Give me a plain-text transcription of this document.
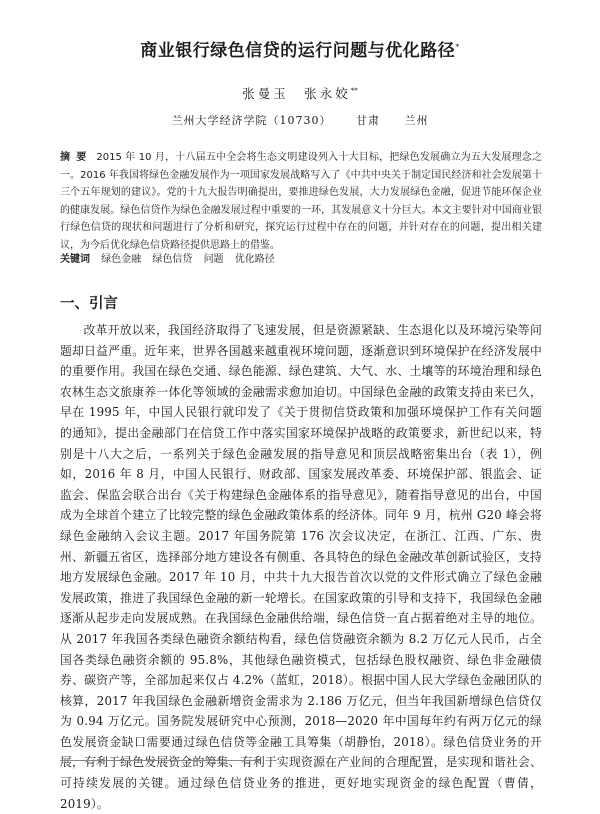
商业银行绿色信贷的运行问题与优化路径*
张曼玉　张永姣**
兰州大学经济学院（10730） 甘肃 兰州
摘要 2015 年 10 月，十八届五中全会将生态文明建设列入十大目标，把绿色发展确立为五大发展理念之一。2016 年我国将绿色金融发展作为一项国家发展战略写入了《中共中央关于制定国民经济和社会发展第十三个五年规划的建议》。党的十九大报告明确提出，要推进绿色发展，大力发展绿色金融，促进节能环保企业的健康发展。绿色信贷作为绿色金融发展过程中重要的一环，其发展意义十分巨大。本文主要针对中国商业银行绿色信贷的现状和问题进行了分析和研究，探究运行过程中存在的问题，并针对存在的问题，提出相关建议，为今后优化绿色信贷路径提供思路上的借鉴。
关键词 绿色金融 绿色信贷 问题 优化路径
一、引言
改革开放以来，我国经济取得了飞速发展，但是资源紧缺、生态退化以及环境污染等问题却日益严重。近年来，世界各国越来越重视环境问题，逐渐意识到环境保护在经济发展中的重要作用。我国在绿色交通、绿色能源、绿色建筑、大气、水、土壤等的环境治理和绿色农林生态文旅康养一体化等领域的金融需求愈加迫切。中国绿色金融的政策支持由来已久，早在 1995 年，中国人民银行就印发了《关于贯彻信贷政策和加强环境保护工作有关问题的通知》，提出金融部门在信贷工作中落实国家环境保护战略的政策要求，新世纪以来，特别是十八大之后，一系列关于绿色金融发展的指导意见和顶层战略密集出台（表 1），例如，2016 年 8 月，中国人民银行、财政部、国家发展改革委、环境保护部、银监会、证监会、保监会联合出台《关于构建绿色金融体系的指导意见》，随着指导意见的出台，中国成为全球首个建立了比较完整的绿色金融政策体系的经济体。同年 9 月，杭州 G20 峰会将绿色金融纳入会议主题。2017 年国务院第 176 次会议决定，在浙江、江西、广东、贵州、新疆五省区，选择部分地方建设各有侧重、各具特色的绿色金融改革创新试验区，支持地方发展绿色金融。2017 年 10 月，中共十九大报告首次以党的文件形式确立了绿色金融发展政策，推进了我国绿色金融的新一轮增长。在国家政策的引导和支持下，我国绿色金融逐渐从起步走向发展成熟。在我国绿色金融供给端，绿色信贷一直占据着绝对主导的地位。从 2017 年我国各类绿色融资余额结构看，绿色信贷融资余额为 8.2 万亿元人民币，占全国各类绿色融资余额的 95.8%，其他绿色融资模式，包括绿色股权融资、绿色非金融债券、碳资产等，全部加起来仅占 4.2%（蓝虹，2018）。根据中国人民大学绿色金融团队的核算，2017 年我国绿色金融新增资金需求为 2.186 万亿元，但当年我国新增绿色信贷仅为 0.94 万亿元。国务院发展研究中心预测，2018—2020 年中国每年约有两万亿元的绿色发展资金缺口需要通过绿色信贷等金融工具筹集（胡静怡，2018）。绿色信贷业务的开展，有利于绿色发展资金的筹集、有利于实现资源在产业间的合理配置，是实现和谐社会、可持续发展的关键。通过绿色信贷业务的推进，更好地实现资金的绿色配置（曹倩，2019）。
